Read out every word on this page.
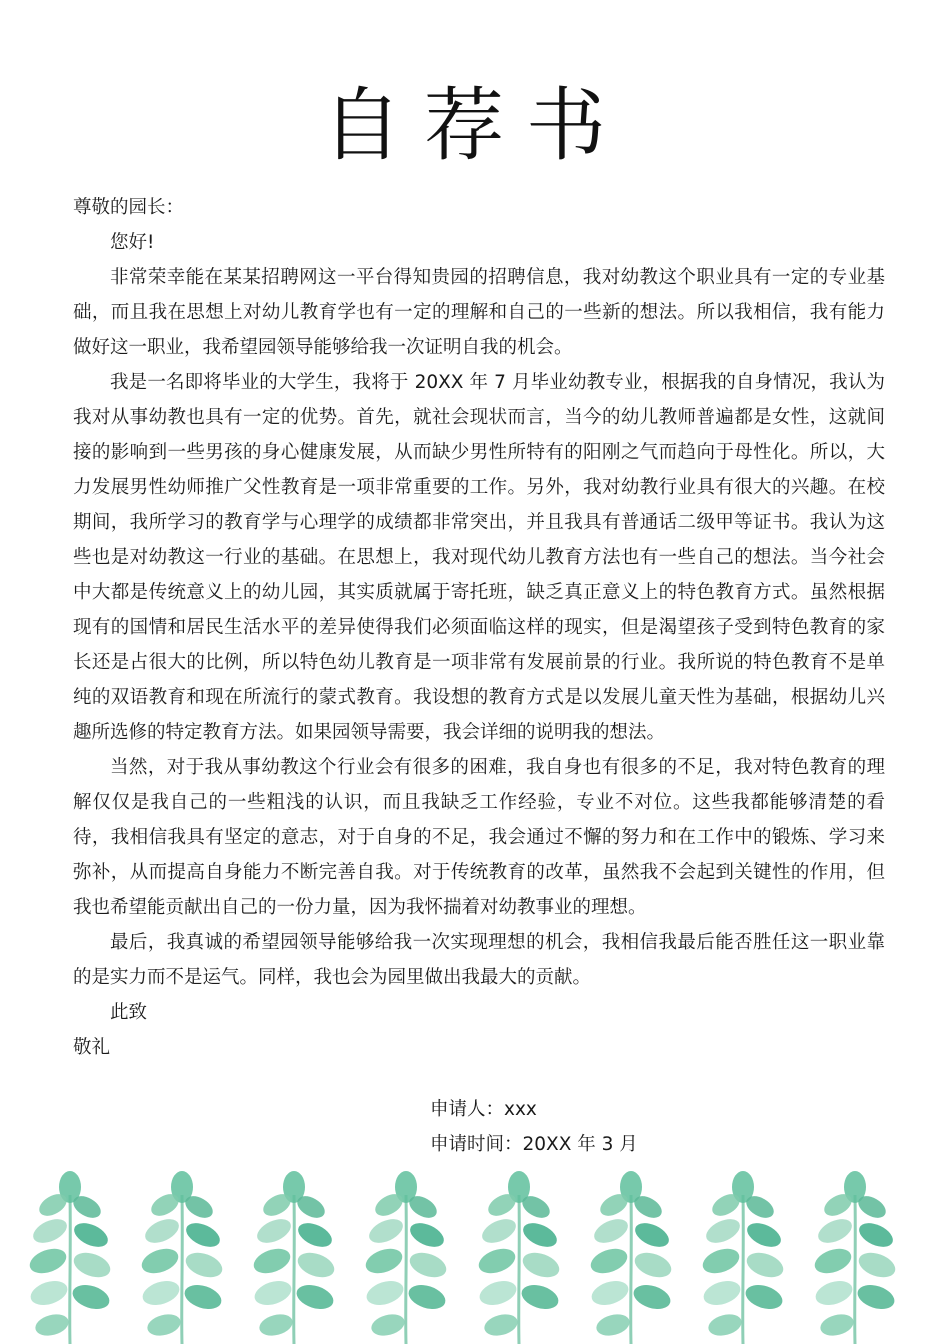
自荐书

尊敬的园长：

您好!

非常荣幸能在某某招聘网这一平台得知贵园的招聘信息，我对幼教这个职业具有一定的专业基础，而且我在思想上对幼儿教育学也有一定的理解和自己的一些新的想法。所以我相信，我有能力做好这一职业，我希望园领导能够给我一次证明自我的机会。

我是一名即将毕业的大学生，我将于 20XX 年 7 月毕业幼教专业，根据我的自身情况，我认为我对从事幼教也具有一定的优势。首先，就社会现状而言，当今的幼儿教师普遍都是女性，这就间接的影响到一些男孩的身心健康发展，从而缺少男性所特有的阳刚之气而趋向于母性化。所以，大力发展男性幼师推广父性教育是一项非常重要的工作。另外，我对幼教行业具有很大的兴趣。在校期间，我所学习的教育学与心理学的成绩都非常突出，并且我具有普通话二级甲等证书。我认为这些也是对幼教这一行业的基础。在思想上，我对现代幼儿教育方法也有一些自己的想法。当今社会中大都是传统意义上的幼儿园，其实质就属于寄托班，缺乏真正意义上的特色教育方式。虽然根据现有的国情和居民生活水平的差异使得我们必须面临这样的现实，但是渴望孩子受到特色教育的家长还是占很大的比例，所以特色幼儿教育是一项非常有发展前景的行业。我所说的特色教育不是单纯的双语教育和现在所流行的蒙式教育。我设想的教育方式是以发展儿童天性为基础，根据幼儿兴趣所选修的特定教育方法。如果园领导需要，我会详细的说明我的想法。

当然，对于我从事幼教这个行业会有很多的困难，我自身也有很多的不足，我对特色教育的理解仅仅是我自己的一些粗浅的认识，而且我缺乏工作经验，专业不对位。这些我都能够清楚的看待，我相信我具有坚定的意志，对于自身的不足，我会通过不懈的努力和在工作中的锻炼、学习来弥补，从而提高自身能力不断完善自我。对于传统教育的改革，虽然我不会起到关键性的作用，但我也希望能贡献出自己的一份力量，因为我怀揣着对幼教事业的理想。

最后，我真诚的希望园领导能够给我一次实现理想的机会，我相信我最后能否胜任这一职业靠的是实力而不是运气。同样，我也会为园里做出我最大的贡献。

此致

敬礼

申请人：xxx
申请时间：20XX 年 3 月
